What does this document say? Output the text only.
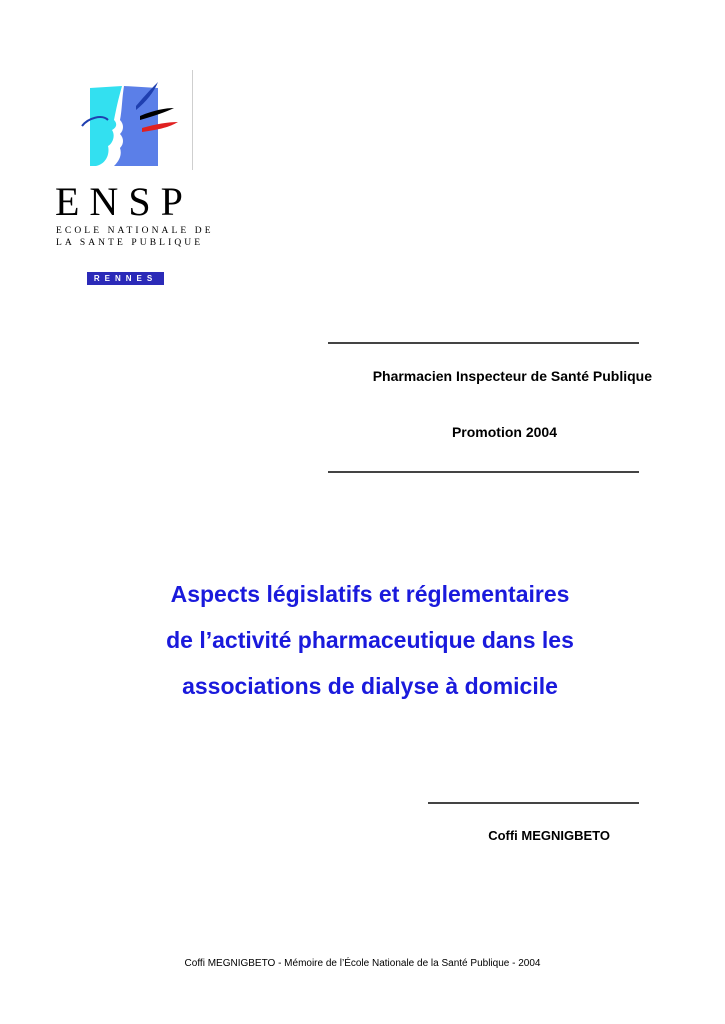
ENSP
ECOLE NATIONALE DE
LA SANTE PUBLIQUE
RENNES
Pharmacien Inspecteur de Santé Publique
Promotion 2004
Aspects législatifs et réglementaires
de l’activité pharmaceutique dans les
associations de dialyse à domicile
Coffi MEGNIGBETO
Coffi MEGNIGBETO - Mémoire de l’École Nationale de la Santé Publique - 2004
